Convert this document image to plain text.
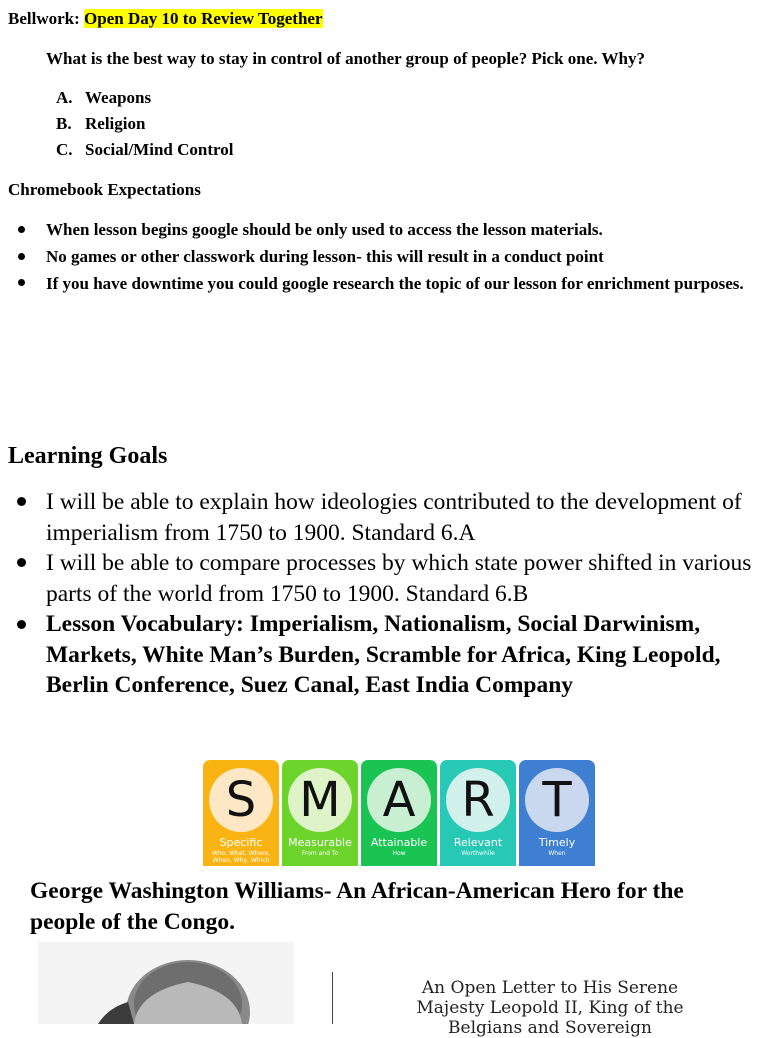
Bellwork: Open Day 10 to Review Together
What is the best way to stay in control of another group of people? Pick one. Why?
A. Weapons
B. Religion
C. Social/Mind Control
Chromebook Expectations
When lesson begins google should be only used to access the lesson materials.
No games or other classwork during lesson- this will result in a conduct point
If you have downtime you could google research the topic of our lesson for enrichment purposes.
Learning Goals
I will be able to explain how ideologies contributed to the development of imperialism from 1750 to 1900. Standard 6.A
I will be able to compare processes by which state power shifted in various parts of the world from 1750 to 1900. Standard 6.B
Lesson Vocabulary: Imperialism, Nationalism, Social Darwinism, Markets, White Man’s Burden, Scramble for Africa, King Leopold, Berlin Conference, Suez Canal, East India Company
S
Specific
Who, What, Where, When, Why, Which
M
Measurable
From and To
A
Attainable
How
R
Relevant
Worthwhile
T
Timely
When
George Washington Williams- An African-American Hero for the people of the Congo.
An Open Letter to His Serene Majesty Leopold II, King of the Belgians and Sovereign
